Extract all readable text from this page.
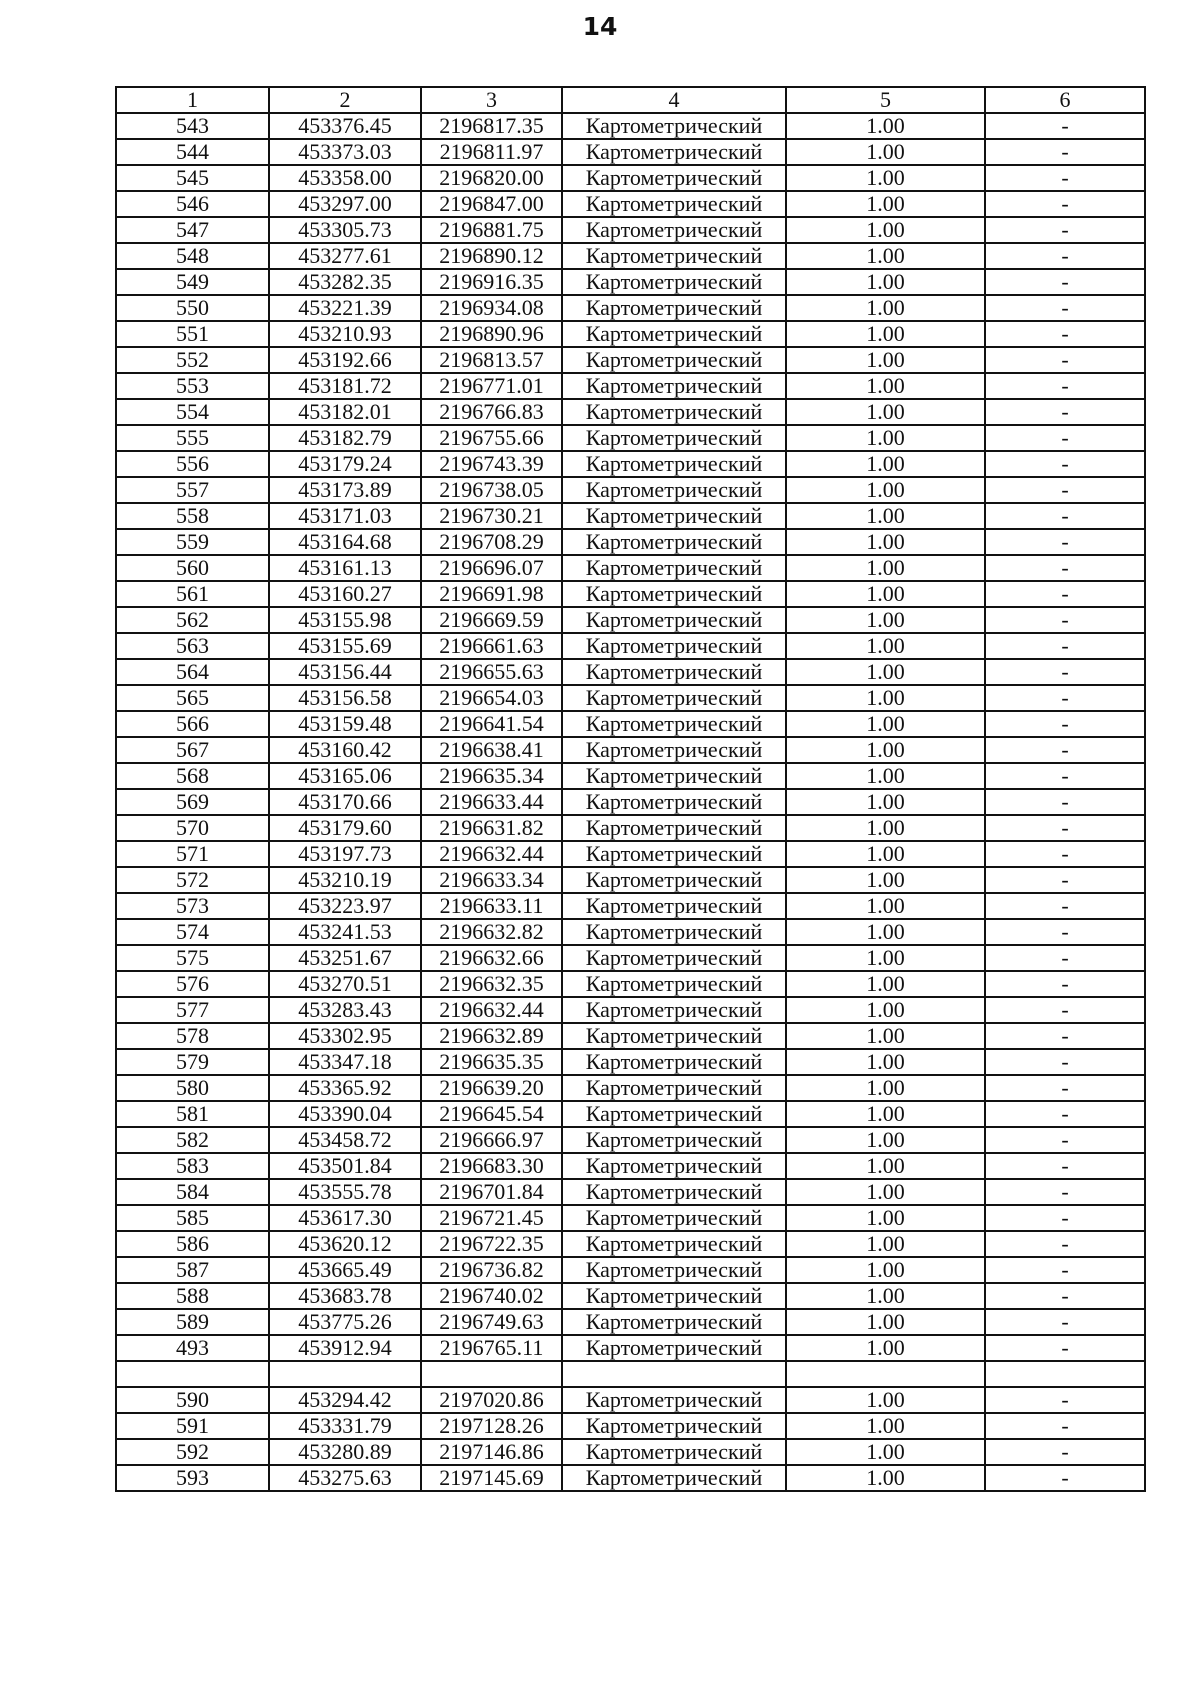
14
1	2	3	4	5	6
543	453376.45	2196817.35	Картометрический	1.00	-
544	453373.03	2196811.97	Картометрический	1.00	-
545	453358.00	2196820.00	Картометрический	1.00	-
546	453297.00	2196847.00	Картометрический	1.00	-
547	453305.73	2196881.75	Картометрический	1.00	-
548	453277.61	2196890.12	Картометрический	1.00	-
549	453282.35	2196916.35	Картометрический	1.00	-
550	453221.39	2196934.08	Картометрический	1.00	-
551	453210.93	2196890.96	Картометрический	1.00	-
552	453192.66	2196813.57	Картометрический	1.00	-
553	453181.72	2196771.01	Картометрический	1.00	-
554	453182.01	2196766.83	Картометрический	1.00	-
555	453182.79	2196755.66	Картометрический	1.00	-
556	453179.24	2196743.39	Картометрический	1.00	-
557	453173.89	2196738.05	Картометрический	1.00	-
558	453171.03	2196730.21	Картометрический	1.00	-
559	453164.68	2196708.29	Картометрический	1.00	-
560	453161.13	2196696.07	Картометрический	1.00	-
561	453160.27	2196691.98	Картометрический	1.00	-
562	453155.98	2196669.59	Картометрический	1.00	-
563	453155.69	2196661.63	Картометрический	1.00	-
564	453156.44	2196655.63	Картометрический	1.00	-
565	453156.58	2196654.03	Картометрический	1.00	-
566	453159.48	2196641.54	Картометрический	1.00	-
567	453160.42	2196638.41	Картометрический	1.00	-
568	453165.06	2196635.34	Картометрический	1.00	-
569	453170.66	2196633.44	Картометрический	1.00	-
570	453179.60	2196631.82	Картометрический	1.00	-
571	453197.73	2196632.44	Картометрический	1.00	-
572	453210.19	2196633.34	Картометрический	1.00	-
573	453223.97	2196633.11	Картометрический	1.00	-
574	453241.53	2196632.82	Картометрический	1.00	-
575	453251.67	2196632.66	Картометрический	1.00	-
576	453270.51	2196632.35	Картометрический	1.00	-
577	453283.43	2196632.44	Картометрический	1.00	-
578	453302.95	2196632.89	Картометрический	1.00	-
579	453347.18	2196635.35	Картометрический	1.00	-
580	453365.92	2196639.20	Картометрический	1.00	-
581	453390.04	2196645.54	Картометрический	1.00	-
582	453458.72	2196666.97	Картометрический	1.00	-
583	453501.84	2196683.30	Картометрический	1.00	-
584	453555.78	2196701.84	Картометрический	1.00	-
585	453617.30	2196721.45	Картометрический	1.00	-
586	453620.12	2196722.35	Картометрический	1.00	-
587	453665.49	2196736.82	Картометрический	1.00	-
588	453683.78	2196740.02	Картометрический	1.00	-
589	453775.26	2196749.63	Картометрический	1.00	-
493	453912.94	2196765.11	Картометрический	1.00	-

590	453294.42	2197020.86	Картометрический	1.00	-
591	453331.79	2197128.26	Картометрический	1.00	-
592	453280.89	2197146.86	Картометрический	1.00	-
593	453275.63	2197145.69	Картометрический	1.00	-
